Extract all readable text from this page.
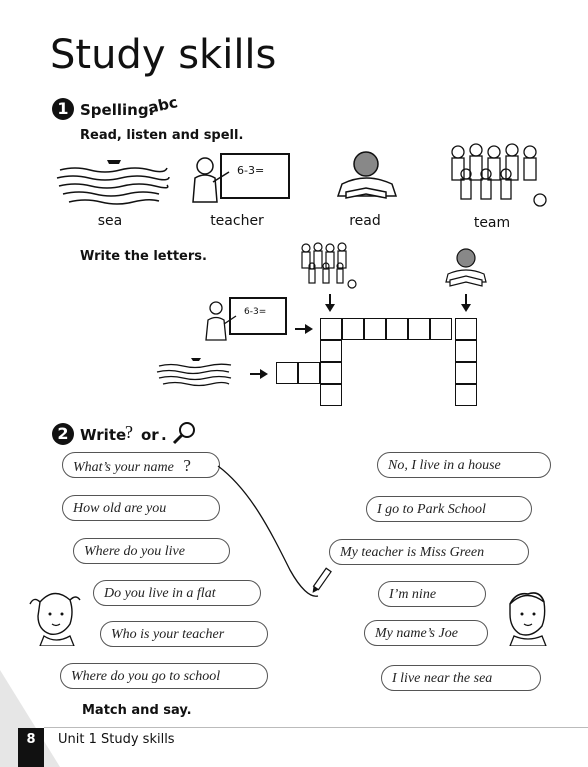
Study skills
1 Spelling.
abc
Read, listen and spell.
sea
6-3=
teacher	read	team
Write the letters.
6-3=
2 Write
? or .
What’s your name ?
How old are you
Where do you live
Do you live in a flat
Who is your teacher
Where do you go to school
No, I live in a house
I go to Park School
My teacher is Miss Green
I’m nine
My name’s Joe
I live near the sea
Match and say.
8	Unit 1 Study skills
